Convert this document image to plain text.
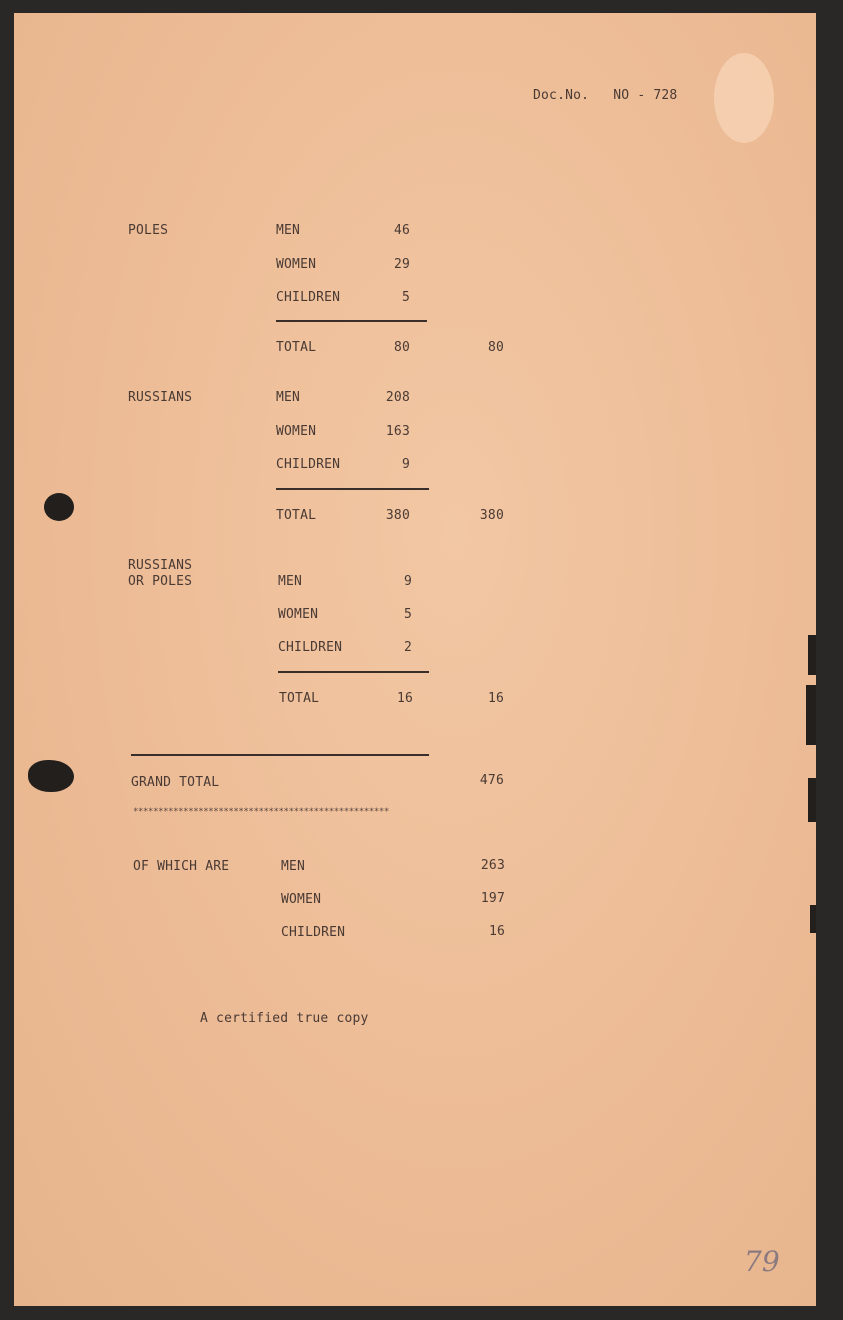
Doc.No. NO - 728
POLES	MEN	46
WOMEN	29
CHILDREN	5
TOTAL	80	80
RUSSIANS	MEN	208
WOMEN	163
CHILDREN	9
TOTAL	380	380
RUSSIANS
OR POLES	MEN	9
WOMEN	5
CHILDREN	2
TOTAL	16	16
GRAND TOTAL	476
***************************************************
OF WHICH ARE	MEN	263
WOMEN	197
CHILDREN	16
A certified true copy
79
